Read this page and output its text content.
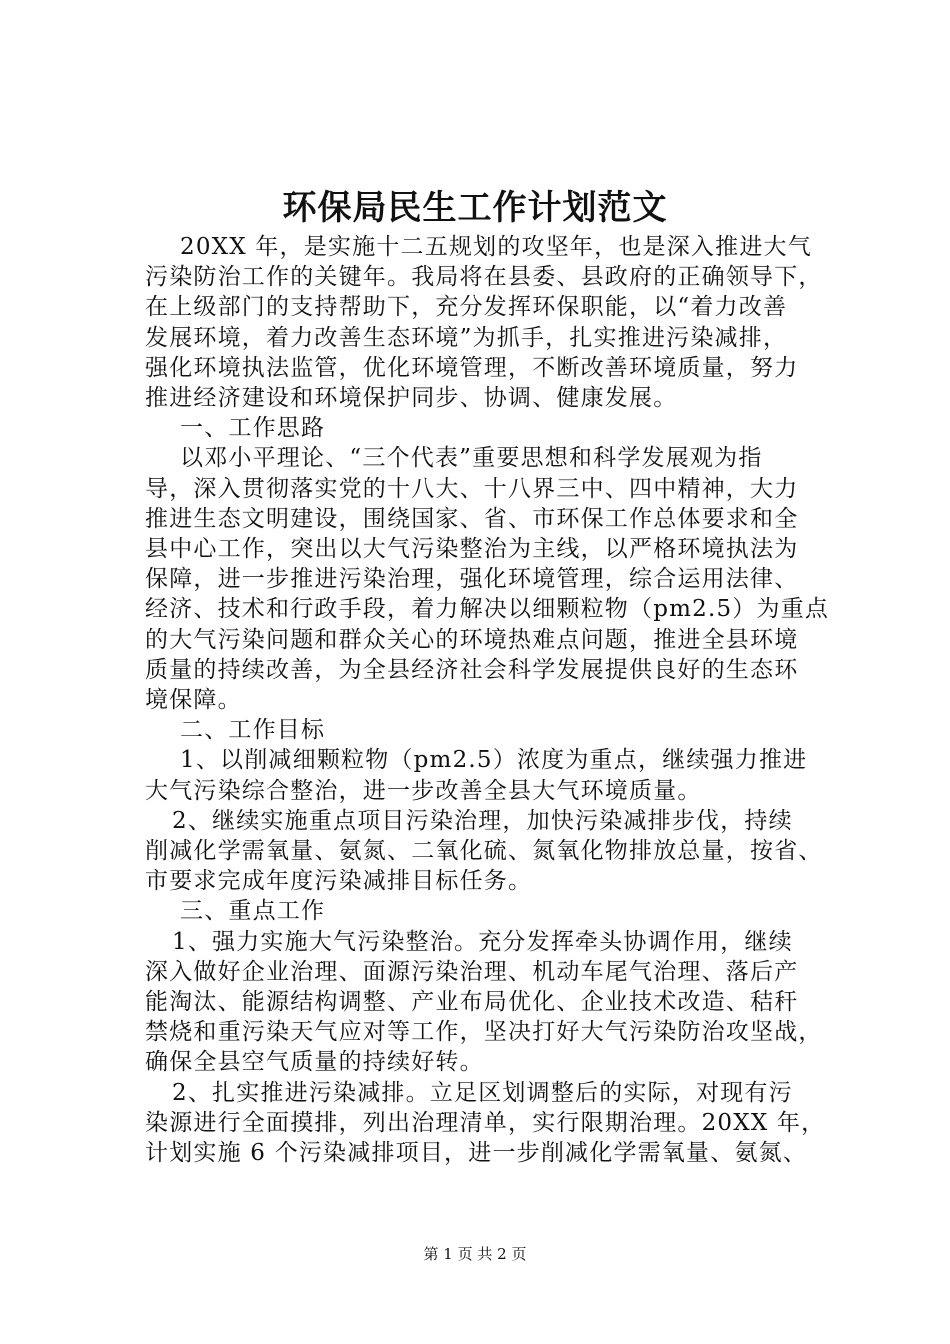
环保局民生工作计划范文
20XX 年，是实施十二五规划的攻坚年，也是深入推进大气
污染防治工作的关键年。我局将在县委、县政府的正确领导下，
在上级部门的支持帮助下，充分发挥环保职能，以“着力改善
发展环境，着力改善生态环境”为抓手，扎实推进污染减排，
强化环境执法监管，优化环境管理，不断改善环境质量，努力
推进经济建设和环境保护同步、协调、健康发展。
一、工作思路
以邓小平理论、“三个代表”重要思想和科学发展观为指
导，深入贯彻落实党的十八大、十八界三中、四中精神，大力
推进生态文明建设，围绕国家、省、市环保工作总体要求和全
县中心工作，突出以大气污染整治为主线，以严格环境执法为
保障，进一步推进污染治理，强化环境管理，综合运用法律、
经济、技术和行政手段，着力解决以细颗粒物（pm2.5）为重点
的大气污染问题和群众关心的环境热难点问题，推进全县环境
质量的持续改善，为全县经济社会科学发展提供良好的生态环
境保障。
二、工作目标
1、以削减细颗粒物（pm2.5）浓度为重点，继续强力推进
大气污染综合整治，进一步改善全县大气环境质量。
2、继续实施重点项目污染治理，加快污染减排步伐，持续
削减化学需氧量、氨氮、二氧化硫、氮氧化物排放总量，按省、
市要求完成年度污染减排目标任务。
三、重点工作
1、强力实施大气污染整治。充分发挥牵头协调作用，继续
深入做好企业治理、面源污染治理、机动车尾气治理、落后产
能淘汰、能源结构调整、产业布局优化、企业技术改造、秸秆
禁烧和重污染天气应对等工作，坚决打好大气污染防治攻坚战，
确保全县空气质量的持续好转。
2、扎实推进污染减排。立足区划调整后的实际，对现有污
染源进行全面摸排，列出治理清单，实行限期治理。20XX 年，
计划实施 6 个污染减排项目，进一步削减化学需氧量、氨氮、
第 1 页 共 2 页
